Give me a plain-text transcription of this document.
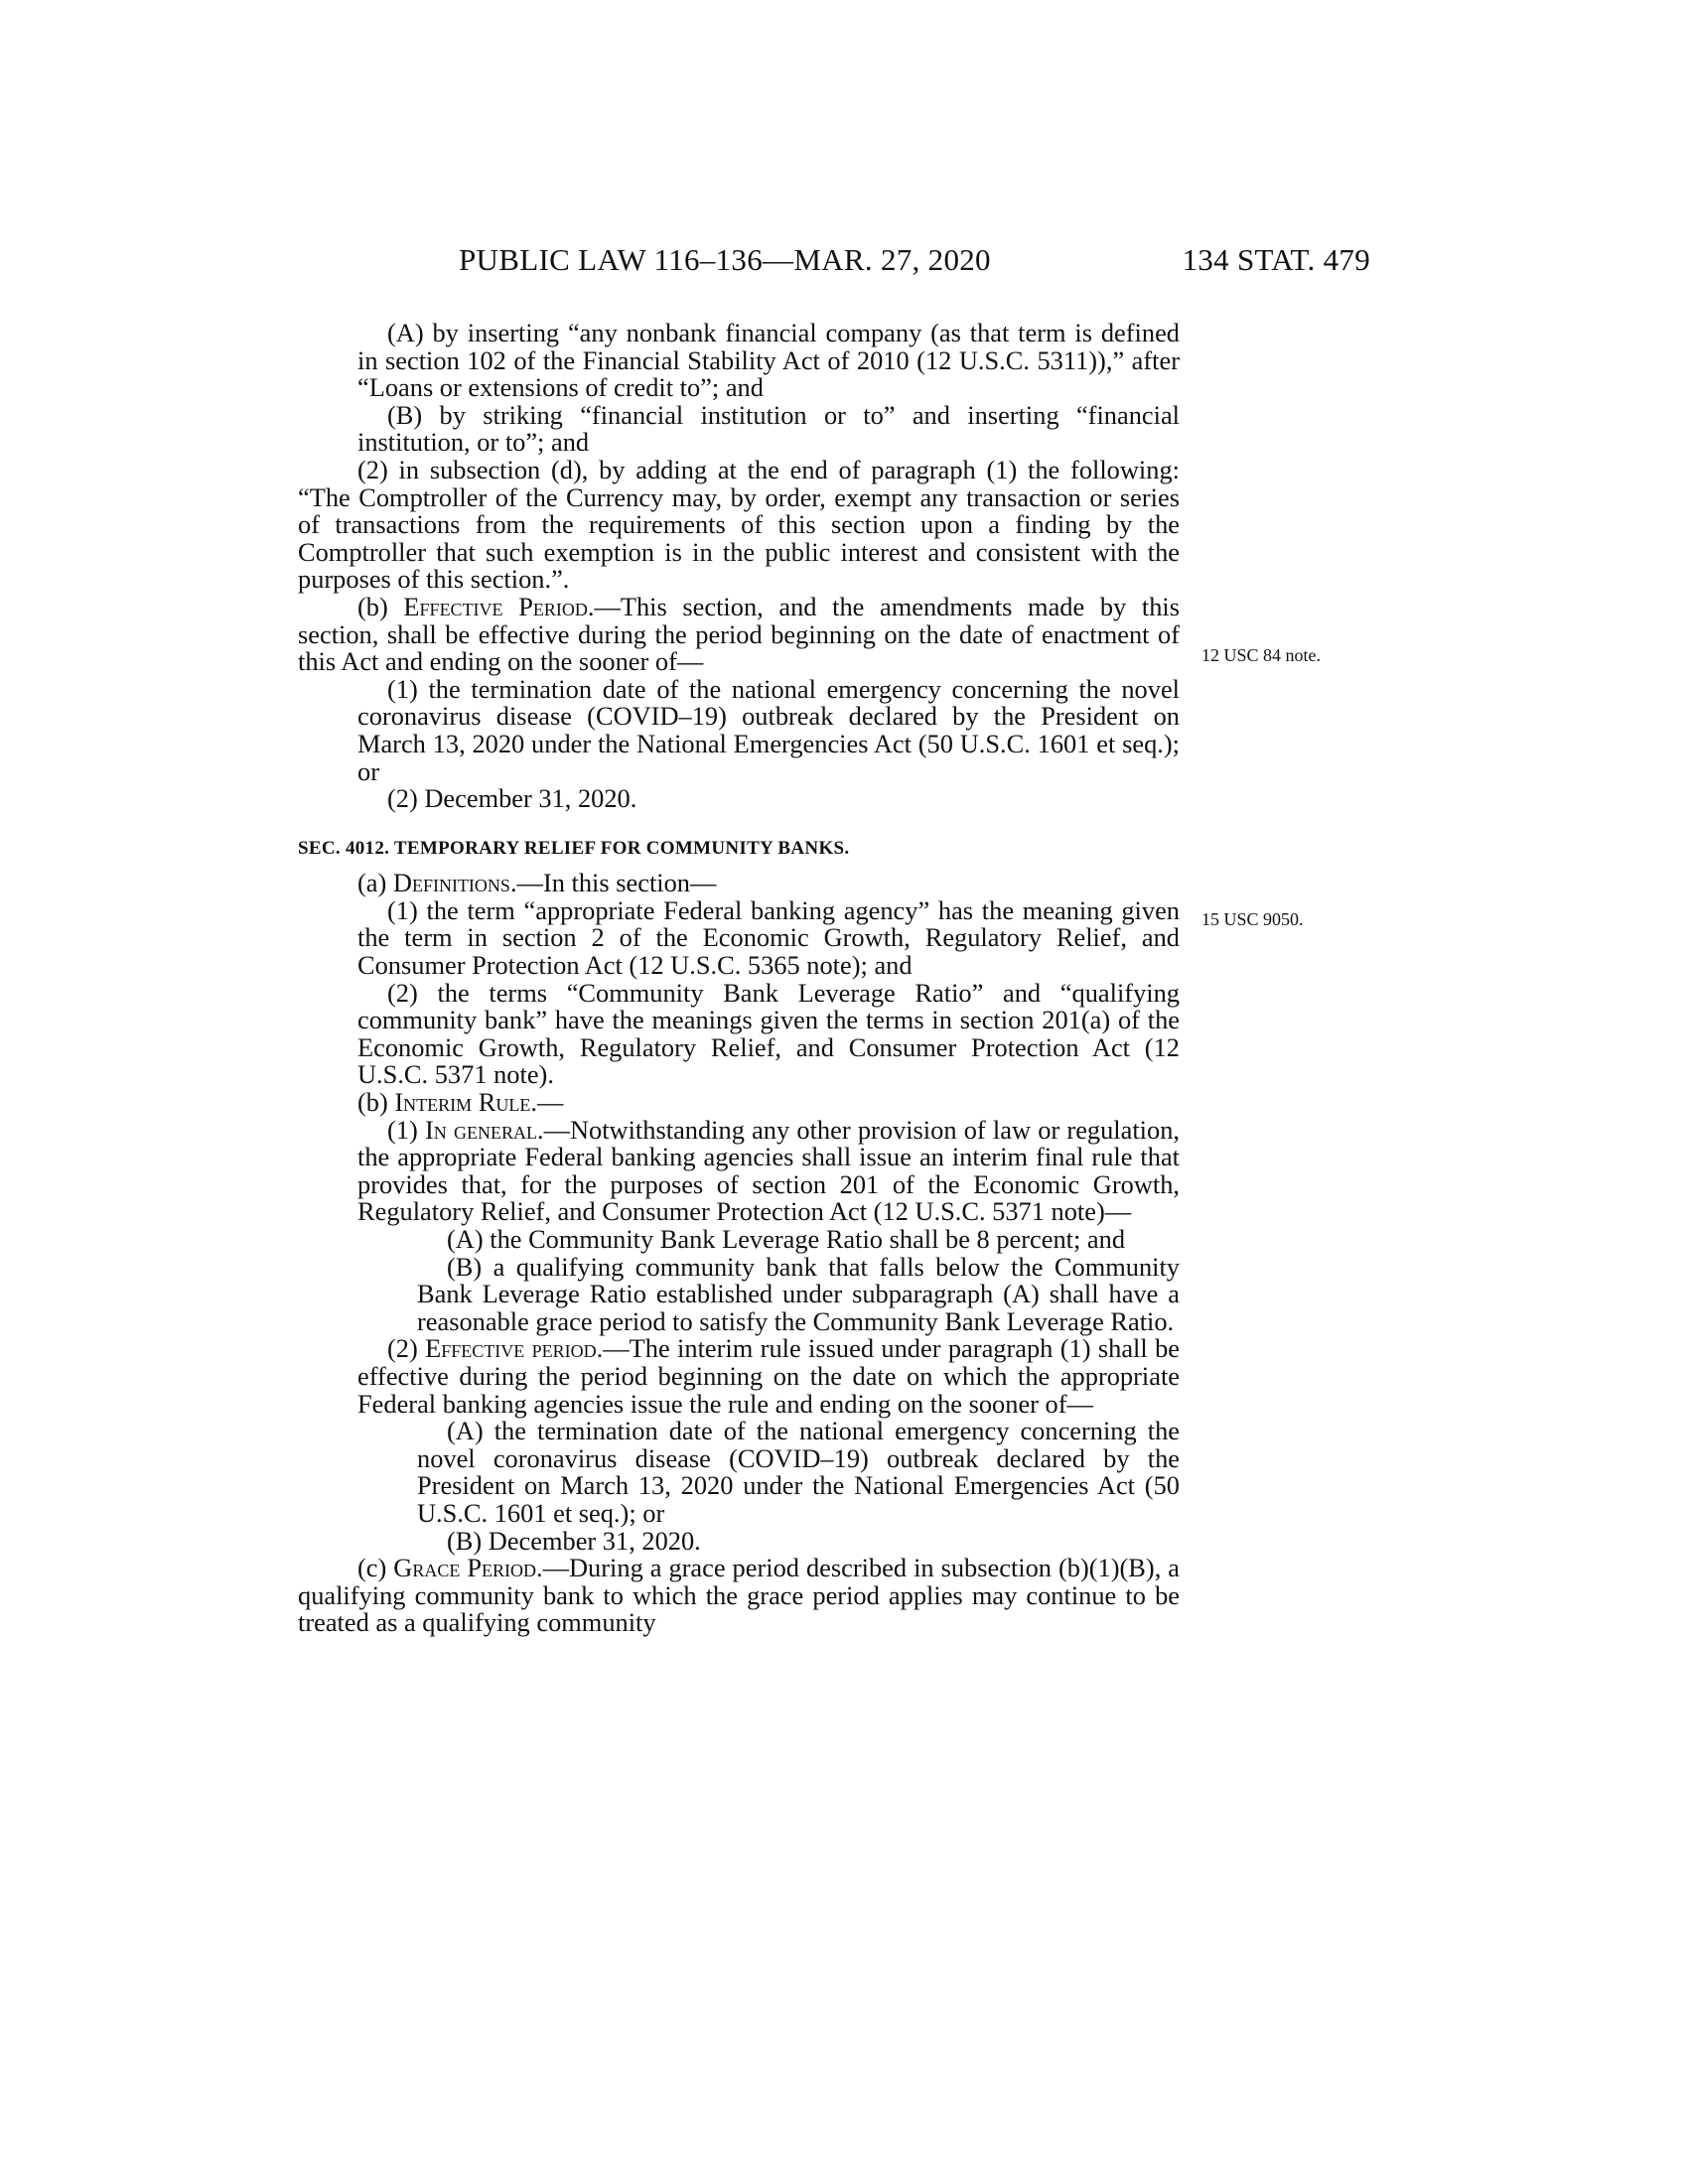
PUBLIC LAW 116–136—MAR. 27, 2020	134 STAT. 479
12 USC 84 note.
15 USC 9050.

(A) by inserting “any nonbank financial company (as that term is defined in section 102 of the Financial Stability Act of 2010 (12 U.S.C. 5311)),” after “Loans or extensions of credit to”; and

(B) by striking “financial institution or to” and inserting “financial institution, or to”; and

(2) in subsection (d), by adding at the end of paragraph (1) the following: “The Comptroller of the Currency may, by order, exempt any transaction or series of transactions from the requirements of this section upon a finding by the Comptroller that such exemption is in the public interest and consistent with the purposes of this section.”.

(b) Effective Period.—This section, and the amendments made by this section, shall be effective during the period beginning on the date of enactment of this Act and ending on the sooner of—

(1) the termination date of the national emergency concerning the novel coronavirus disease (COVID–19) outbreak declared by the President on March 13, 2020 under the National Emergencies Act (50 U.S.C. 1601 et seq.); or

(2) December 31, 2020.

SEC. 4012. TEMPORARY RELIEF FOR COMMUNITY BANKS.

(a) Definitions.—In this section—

(1) the term “appropriate Federal banking agency” has the meaning given the term in section 2 of the Economic Growth, Regulatory Relief, and Consumer Protection Act (12 U.S.C. 5365 note); and

(2) the terms “Community Bank Leverage Ratio” and “qualifying community bank” have the meanings given the terms in section 201(a) of the Economic Growth, Regulatory Relief, and Consumer Protection Act (12 U.S.C. 5371 note).

(b) Interim Rule.—

(1) In general.—Notwithstanding any other provision of law or regulation, the appropriate Federal banking agencies shall issue an interim final rule that provides that, for the purposes of section 201 of the Economic Growth, Regulatory Relief, and Consumer Protection Act (12 U.S.C. 5371 note)—

(A) the Community Bank Leverage Ratio shall be 8 percent; and

(B) a qualifying community bank that falls below the Community Bank Leverage Ratio established under subparagraph (A) shall have a reasonable grace period to satisfy the Community Bank Leverage Ratio.

(2) Effective period.—The interim rule issued under paragraph (1) shall be effective during the period beginning on the date on which the appropriate Federal banking agencies issue the rule and ending on the sooner of—

(A) the termination date of the national emergency concerning the novel coronavirus disease (COVID–19) outbreak declared by the President on March 13, 2020 under the National Emergencies Act (50 U.S.C. 1601 et seq.); or

(B) December 31, 2020.

(c) Grace Period.—During a grace period described in subsection (b)(1)(B), a qualifying community bank to which the grace period applies may continue to be treated as a qualifying community
